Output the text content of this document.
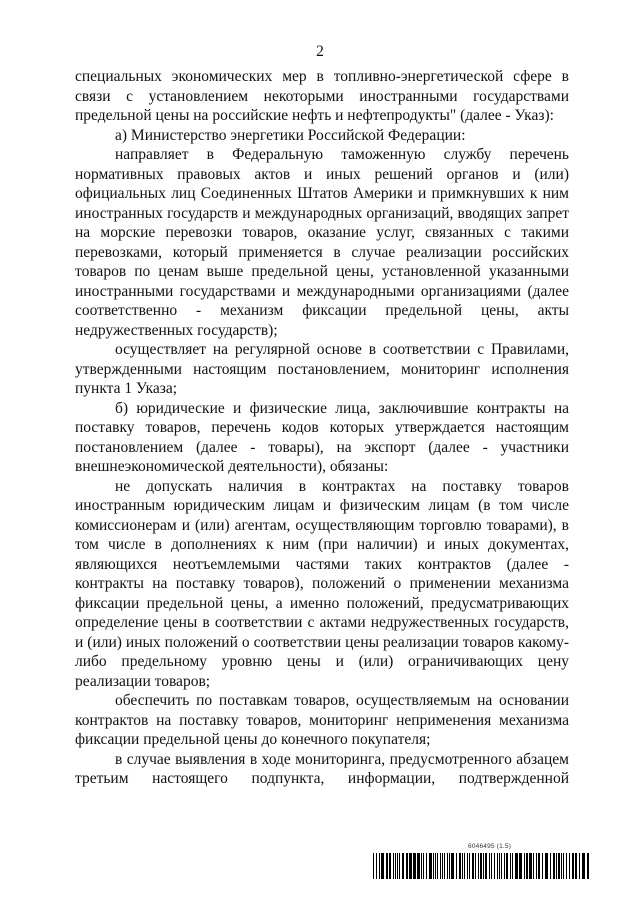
2

специальных экономических мер в топливно-энергетической сфере в связи с установлением некоторыми иностранными государствами предельной цены на российские нефть и нефтепродукты" (далее - Указ):

а) Министерство энергетики Российской Федерации:

направляет в Федеральную таможенную службу перечень нормативных правовых актов и иных решений органов и (или) официальных лиц Соединенных Штатов Америки и примкнувших к ним иностранных государств и международных организаций, вводящих запрет на морские перевозки товаров, оказание услуг, связанных с такими перевозками, который применяется в случае реализации российских товаров по ценам выше предельной цены, установленной указанными иностранными государствами и международными организациями (далее соответственно - механизм фиксации предельной цены, акты недружественных государств);

осуществляет на регулярной основе в соответствии с Правилами, утвержденными настоящим постановлением, мониторинг исполнения пункта 1 Указа;

б) юридические и физические лица, заключившие контракты на поставку товаров, перечень кодов которых утверждается настоящим постановлением (далее - товары), на экспорт (далее - участники внешнеэкономической деятельности), обязаны:

не допускать наличия в контрактах на поставку товаров иностранным юридическим лицам и физическим лицам (в том числе комиссионерам и (или) агентам, осуществляющим торговлю товарами), в том числе в дополнениях к ним (при наличии) и иных документах, являющихся неотъемлемыми частями таких контрактов (далее - контракты на поставку товаров), положений о применении механизма фиксации предельной цены, а именно положений, предусматривающих определение цены в соответствии с актами недружественных государств, и (или) иных положений о соответствии цены реализации товаров какому-либо предельному уровню цены и (или) ограничивающих цену реализации товаров;

обеспечить по поставкам товаров, осуществляемым на основании контрактов на поставку товаров, мониторинг неприменения механизма фиксации предельной цены до конечного покупателя;

в случае выявления в ходе мониторинга, предусмотренного абзацем третьим настоящего подпункта, информации, подтвержденной

6046495 (1.5)
